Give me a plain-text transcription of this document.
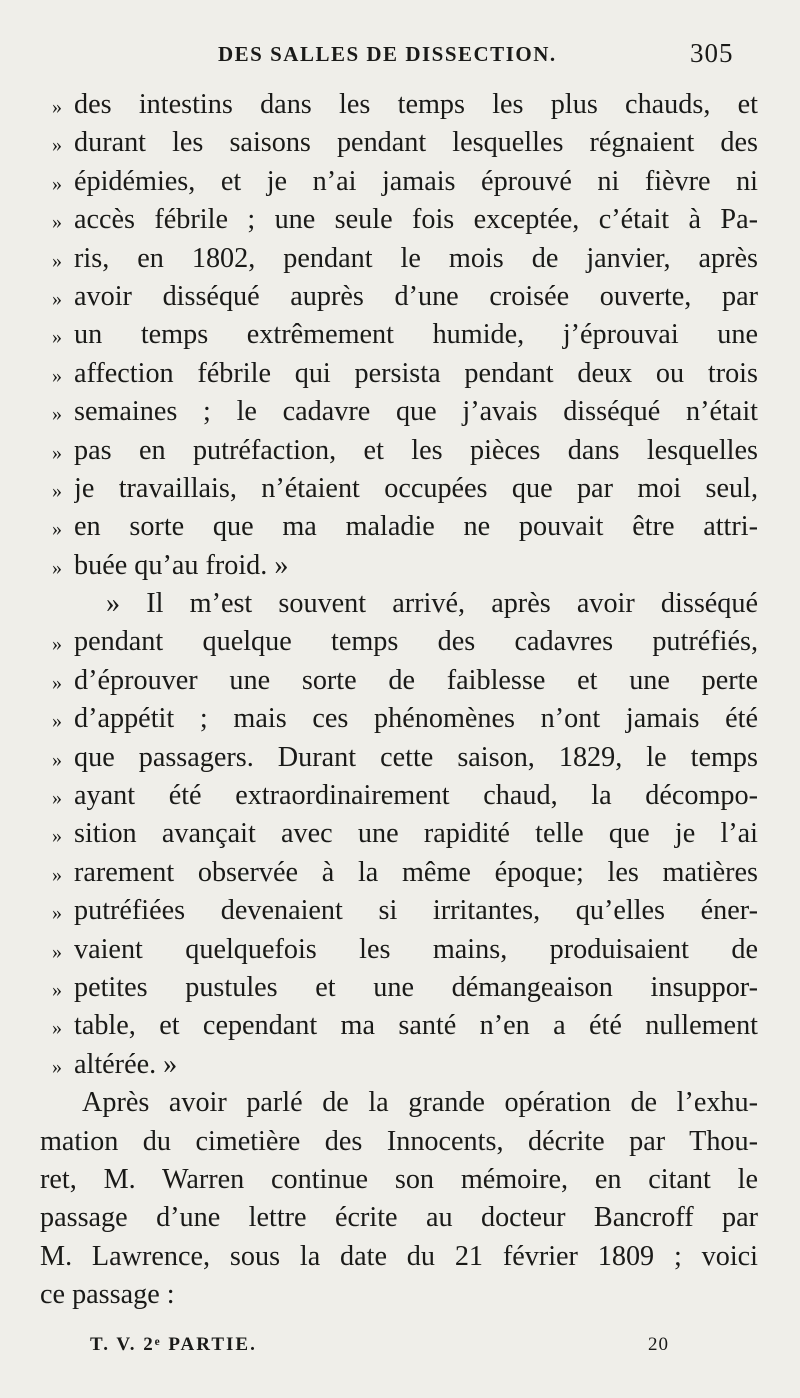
DES SALLES DE DISSECTION.	305
» des intestins dans les temps les plus chauds, et
» durant les saisons pendant lesquelles régnaient des
» épidémies, et je n’ai jamais éprouvé ni fièvre ni
» accès fébrile ; une seule fois exceptée, c’était à Pa-
» ris, en 1802, pendant le mois de janvier, après
» avoir disséqué auprès d’une croisée ouverte, par
» un temps extrêmement humide, j’éprouvai une
» affection fébrile qui persista pendant deux ou trois
» semaines ; le cadavre que j’avais disséqué n’était
» pas en putréfaction, et les pièces dans lesquelles
» je travaillais, n’étaient occupées que par moi seul,
» en sorte que ma maladie ne pouvait être attri-
» buée qu’au froid. »
» Il m’est souvent arrivé, après avoir disséqué
» pendant quelque temps des cadavres putréfiés,
» d’éprouver une sorte de faiblesse et une perte
» d’appétit ; mais ces phénomènes n’ont jamais été
» que passagers. Durant cette saison, 1829, le temps
» ayant été extraordinairement chaud, la décompo-
» sition avançait avec une rapidité telle que je l’ai
» rarement observée à la même époque; les matières
» putréfiées devenaient si irritantes, qu’elles éner-
» vaient quelquefois les mains, produisaient de
» petites pustules et une démangeaison insuppor-
» table, et cependant ma santé n’en a été nullement
» altérée. »
Après avoir parlé de la grande opération de l’exhu-
mation du cimetière des Innocents, décrite par Thou-
ret, M. Warren continue son mémoire, en citant le
passage d’une lettre écrite au docteur Bancroff par
M. Lawrence, sous la date du 21 février 1809 ; voici
ce passage :
T. V. 2ᵉ PARTIE.	20
